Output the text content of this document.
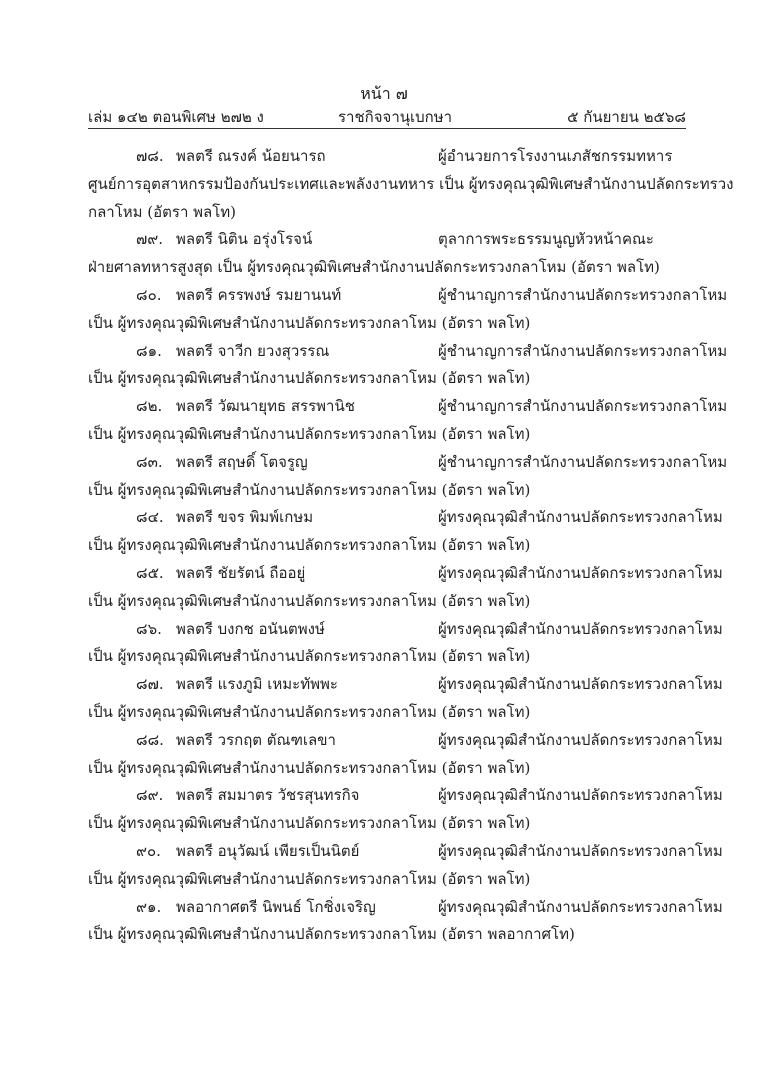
หน้า ๗
เล่ม ๑๔๒ ตอนพิเศษ ๒๗๒ ง	ราชกิจจานุเบกษา	๕ กันยายน ๒๕๖๘
๗๘. พลตรี ณรงค์ น้อยนารถ	ผู้อำนวยการโรงงานเภสัชกรรมทหาร
ศูนย์การอุตสาหกรรมป้องกันประเทศและพลังงานทหาร เป็น ผู้ทรงคุณวุฒิพิเศษสำนักงานปลัดกระทรวง
กลาโหม (อัตรา พลโท)
๗๙. พลตรี นิติน อรุ่งโรจน์	ตุลาการพระธรรมนูญหัวหน้าคณะ
ฝ่ายศาลทหารสูงสุด เป็น ผู้ทรงคุณวุฒิพิเศษสำนักงานปลัดกระทรวงกลาโหม (อัตรา พลโท)
๘๐. พลตรี ครรพงษ์ รมยานนท์	ผู้ชำนาญการสำนักงานปลัดกระทรวงกลาโหม
เป็น ผู้ทรงคุณวุฒิพิเศษสำนักงานปลัดกระทรวงกลาโหม (อัตรา พลโท)
๘๑. พลตรี จาวีก ยวงสุวรรณ	ผู้ชำนาญการสำนักงานปลัดกระทรวงกลาโหม
เป็น ผู้ทรงคุณวุฒิพิเศษสำนักงานปลัดกระทรวงกลาโหม (อัตรา พลโท)
๘๒. พลตรี วัฒนายุทธ สรรพานิช	ผู้ชำนาญการสำนักงานปลัดกระทรวงกลาโหม
เป็น ผู้ทรงคุณวุฒิพิเศษสำนักงานปลัดกระทรวงกลาโหม (อัตรา พลโท)
๘๓. พลตรี สฤษดิ์ โตจรูญ	ผู้ชำนาญการสำนักงานปลัดกระทรวงกลาโหม
เป็น ผู้ทรงคุณวุฒิพิเศษสำนักงานปลัดกระทรวงกลาโหม (อัตรา พลโท)
๘๔. พลตรี ขจร พิมพ์เกษม	ผู้ทรงคุณวุฒิสำนักงานปลัดกระทรวงกลาโหม
เป็น ผู้ทรงคุณวุฒิพิเศษสำนักงานปลัดกระทรวงกลาโหม (อัตรา พลโท)
๘๕. พลตรี ชัยรัตน์ ถืออยู่	ผู้ทรงคุณวุฒิสำนักงานปลัดกระทรวงกลาโหม
เป็น ผู้ทรงคุณวุฒิพิเศษสำนักงานปลัดกระทรวงกลาโหม (อัตรา พลโท)
๘๖. พลตรี บงกช อนันตพงษ์	ผู้ทรงคุณวุฒิสำนักงานปลัดกระทรวงกลาโหม
เป็น ผู้ทรงคุณวุฒิพิเศษสำนักงานปลัดกระทรวงกลาโหม (อัตรา พลโท)
๘๗. พลตรี แรงภูมิ เหมะทัพพะ	ผู้ทรงคุณวุฒิสำนักงานปลัดกระทรวงกลาโหม
เป็น ผู้ทรงคุณวุฒิพิเศษสำนักงานปลัดกระทรวงกลาโหม (อัตรา พลโท)
๘๘. พลตรี วรกฤต ตัณฑเลขา	ผู้ทรงคุณวุฒิสำนักงานปลัดกระทรวงกลาโหม
เป็น ผู้ทรงคุณวุฒิพิเศษสำนักงานปลัดกระทรวงกลาโหม (อัตรา พลโท)
๘๙. พลตรี สมมาตร วัชรสุนทรกิจ	ผู้ทรงคุณวุฒิสำนักงานปลัดกระทรวงกลาโหม
เป็น ผู้ทรงคุณวุฒิพิเศษสำนักงานปลัดกระทรวงกลาโหม (อัตรา พลโท)
๙๐. พลตรี อนุวัฒน์ เพียรเป็นนิตย์	ผู้ทรงคุณวุฒิสำนักงานปลัดกระทรวงกลาโหม
เป็น ผู้ทรงคุณวุฒิพิเศษสำนักงานปลัดกระทรวงกลาโหม (อัตรา พลโท)
๙๑. พลอากาศตรี นิพนธ์ โกชิ่งเจริญ	ผู้ทรงคุณวุฒิสำนักงานปลัดกระทรวงกลาโหม
เป็น ผู้ทรงคุณวุฒิพิเศษสำนักงานปลัดกระทรวงกลาโหม (อัตรา พลอากาศโท)
